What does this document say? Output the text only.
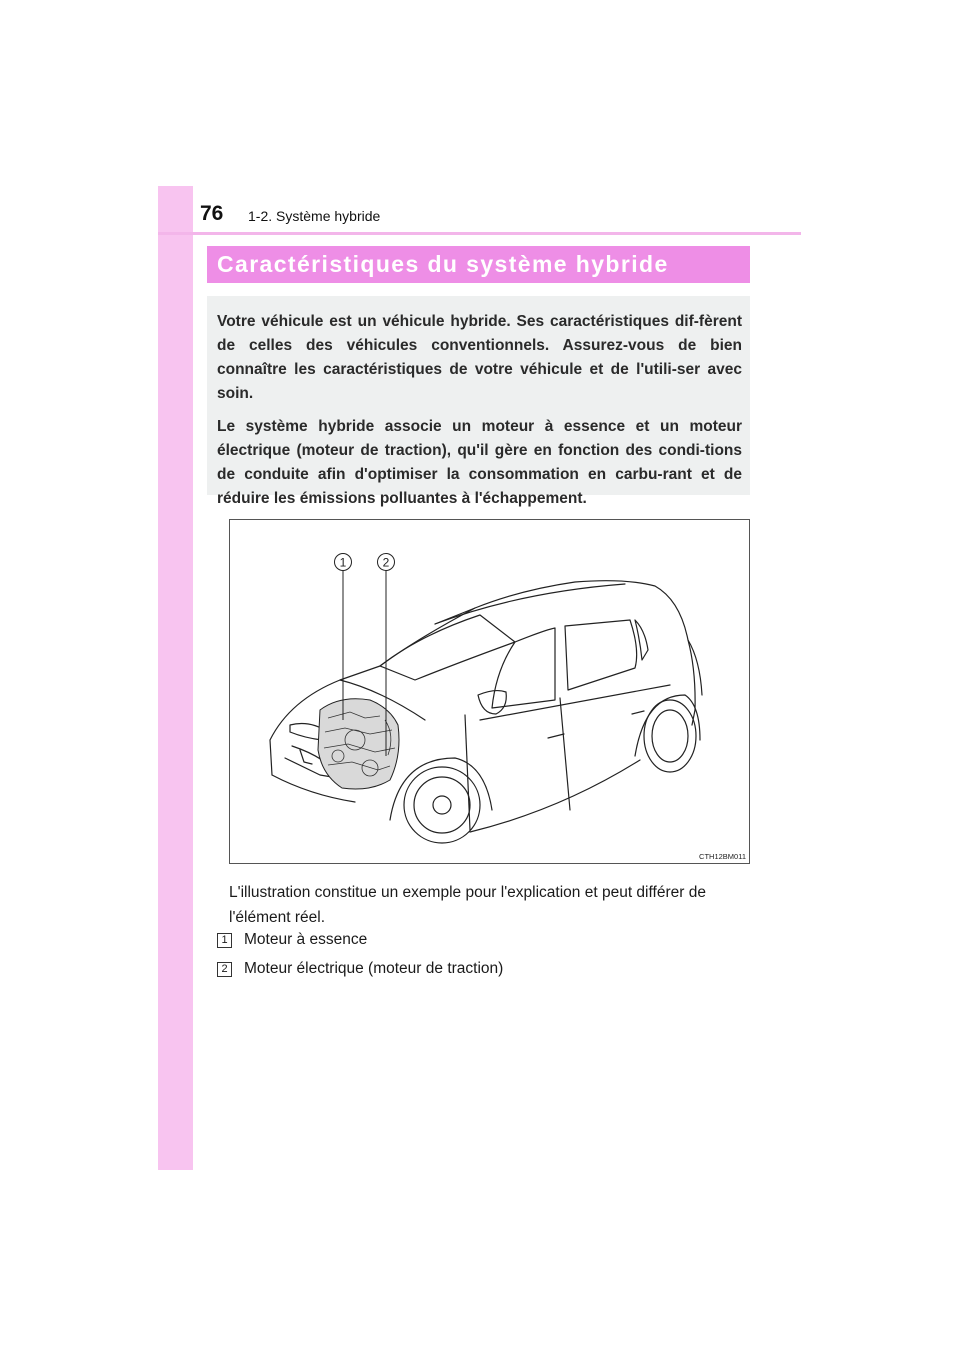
76 1-2. Système hybride
Caractéristiques du système hybride

Votre véhicule est un véhicule hybride. Ses caractéristiques dif-fèrent de celles des véhicules conventionnels. Assurez-vous de bien connaître les caractéristiques de votre véhicule et de l'utili-ser avec soin.

Le système hybride associe un moteur à essence et un moteur électrique (moteur de traction), qu'il gère en fonction des condi-tions de conduite afin d'optimiser la consommation en carbu-rant et de réduire les émissions polluantes à l'échappement.

1	2
CTH12BM011
L'illustration constitue un exemple pour l'explication et peut différer de l'élément réel.
1 Moteur à essence
2 Moteur électrique (moteur de traction)
